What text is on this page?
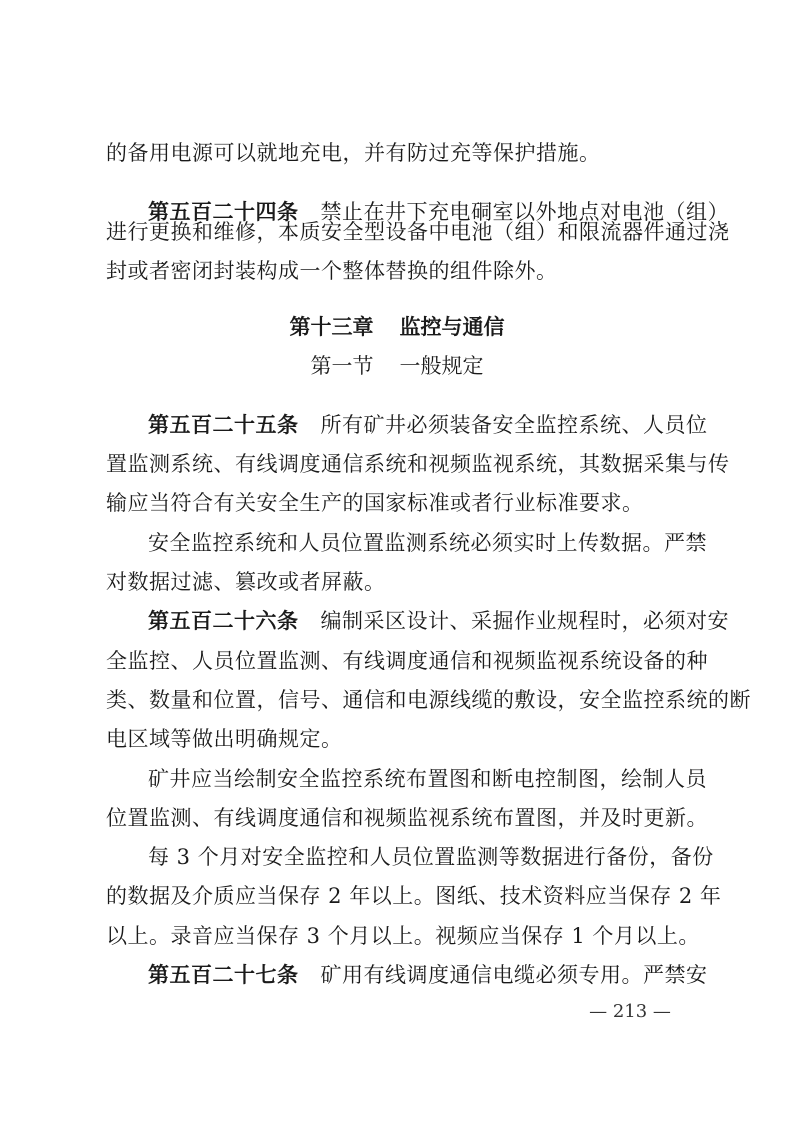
的备用电源可以就地充电，并有防过充等保护措施。
第五百二十四条 禁止在井下充电硐室以外地点对电池（组）
进行更换和维修，本质安全型设备中电池（组）和限流器件通过浇
封或者密闭封装构成一个整体替换的组件除外。
第十三章 监控与通信
第一节 一般规定
第五百二十五条 所有矿井必须装备安全监控系统、人员位
置监测系统、有线调度通信系统和视频监视系统，其数据采集与传
输应当符合有关安全生产的国家标准或者行业标准要求。
安全监控系统和人员位置监测系统必须实时上传数据。严禁
对数据过滤、篡改或者屏蔽。
第五百二十六条 编制采区设计、采掘作业规程时，必须对安
全监控、人员位置监测、有线调度通信和视频监视系统设备的种
类、数量和位置，信号、通信和电源线缆的敷设，安全监控系统的断
电区域等做出明确规定。
矿井应当绘制安全监控系统布置图和断电控制图，绘制人员
位置监测、有线调度通信和视频监视系统布置图，并及时更新。
每 3 个月对安全监控和人员位置监测等数据进行备份，备份
的数据及介质应当保存 2 年以上。图纸、技术资料应当保存 2 年
以上。录音应当保存 3 个月以上。视频应当保存 1 个月以上。
第五百二十七条 矿用有线调度通信电缆必须专用。严禁安
— 213 —
